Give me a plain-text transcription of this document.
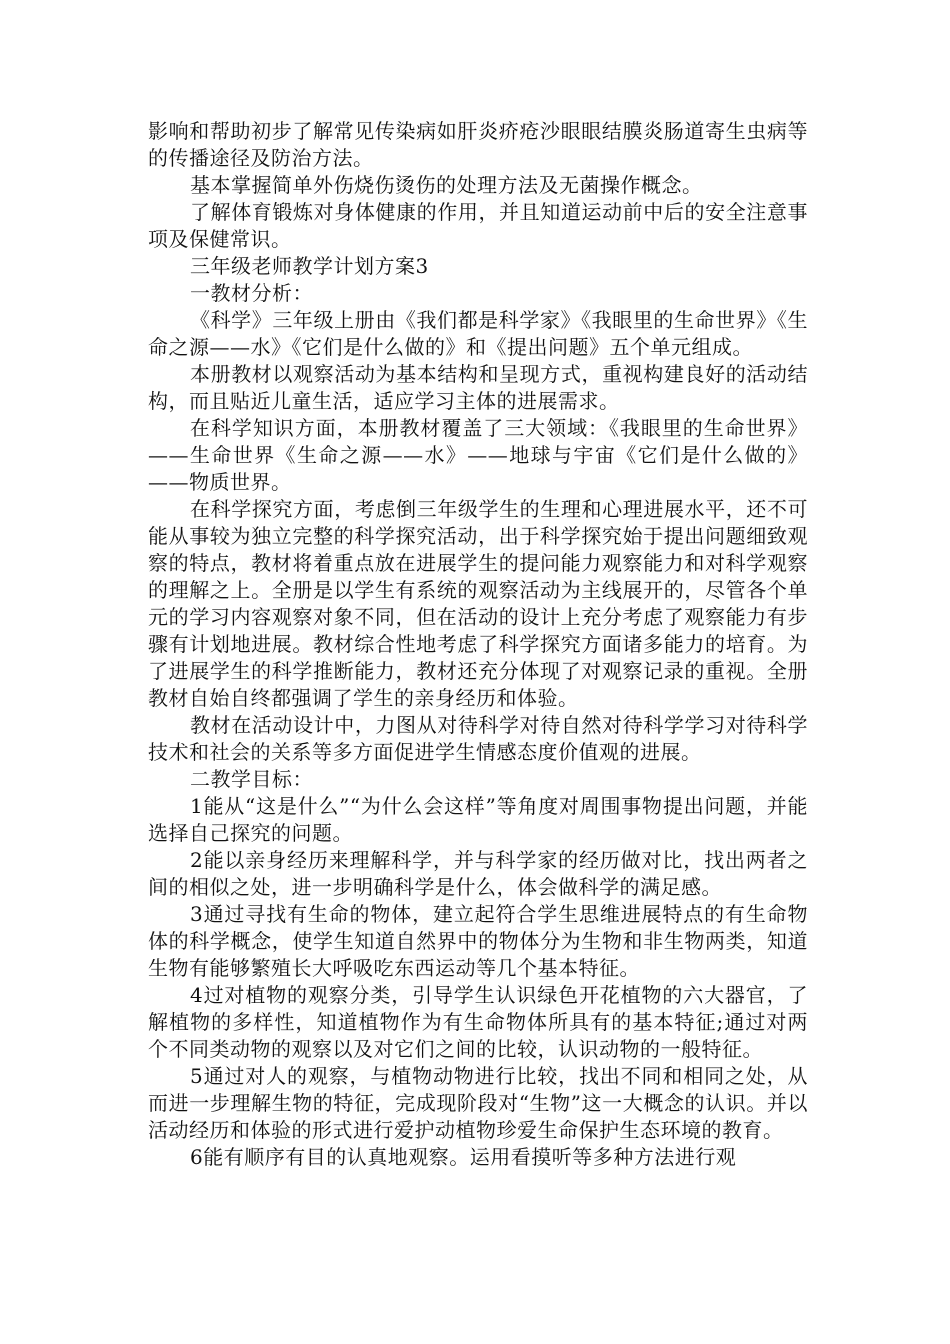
影响和帮助初步了解常见传染病如肝炎疥疮沙眼眼结膜炎肠道寄生虫病等的传播途径及防治方法。

基本掌握简单外伤烧伤烫伤的处理方法及无菌操作概念。

了解体育锻炼对身体健康的作用，并且知道运动前中后的安全注意事项及保健常识。

三年级老师教学计划方案3

一教材分析：

《科学》三年级上册由《我们都是科学家》《我眼里的生命世界》《生命之源——水》《它们是什么做的》和《提出问题》五个单元组成。

本册教材以观察活动为基本结构和呈现方式，重视构建良好的活动结构，而且贴近儿童生活，适应学习主体的进展需求。

在科学知识方面，本册教材覆盖了三大领域：《我眼里的生命世界》——生命世界《生命之源——水》——地球与宇宙《它们是什么做的》——物质世界。

在科学探究方面，考虑倒三年级学生的生理和心理进展水平，还不可能从事较为独立完整的科学探究活动，出于科学探究始于提出问题细致观察的特点，教材将着重点放在进展学生的提问能力观察能力和对科学观察的理解之上。全册是以学生有系统的观察活动为主线展开的，尽管各个单元的学习内容观察对象不同，但在活动的设计上充分考虑了观察能力有步骤有计划地进展。教材综合性地考虑了科学探究方面诸多能力的培育。为了进展学生的科学推断能力，教材还充分体现了对观察记录的重视。全册教材自始自终都强调了学生的亲身经历和体验。

教材在活动设计中，力图从对待科学对待自然对待科学学习对待科学技术和社会的关系等多方面促进学生情感态度价值观的进展。

二教学目标：

1能从“这是什么”“为什么会这样”等角度对周围事物提出问题，并能选择自己探究的问题。

2能以亲身经历来理解科学，并与科学家的经历做对比，找出两者之间的相似之处，进一步明确科学是什么，体会做科学的满足感。

3通过寻找有生命的物体，建立起符合学生思维进展特点的有生命物体的科学概念，使学生知道自然界中的物体分为生物和非生物两类，知道生物有能够繁殖长大呼吸吃东西运动等几个基本特征。

4过对植物的观察分类，引导学生认识绿色开花植物的六大器官，了解植物的多样性，知道植物作为有生命物体所具有的基本特征;通过对两个不同类动物的观察以及对它们之间的比较，认识动物的一般特征。

5通过对人的观察，与植物动物进行比较，找出不同和相同之处，从而进一步理解生物的特征，完成现阶段对“生物”这一大概念的认识。并以活动经历和体验的形式进行爱护动植物珍爱生命保护生态环境的教育。

6能有顺序有目的认真地观察。运用看摸听等多种方法进行观
